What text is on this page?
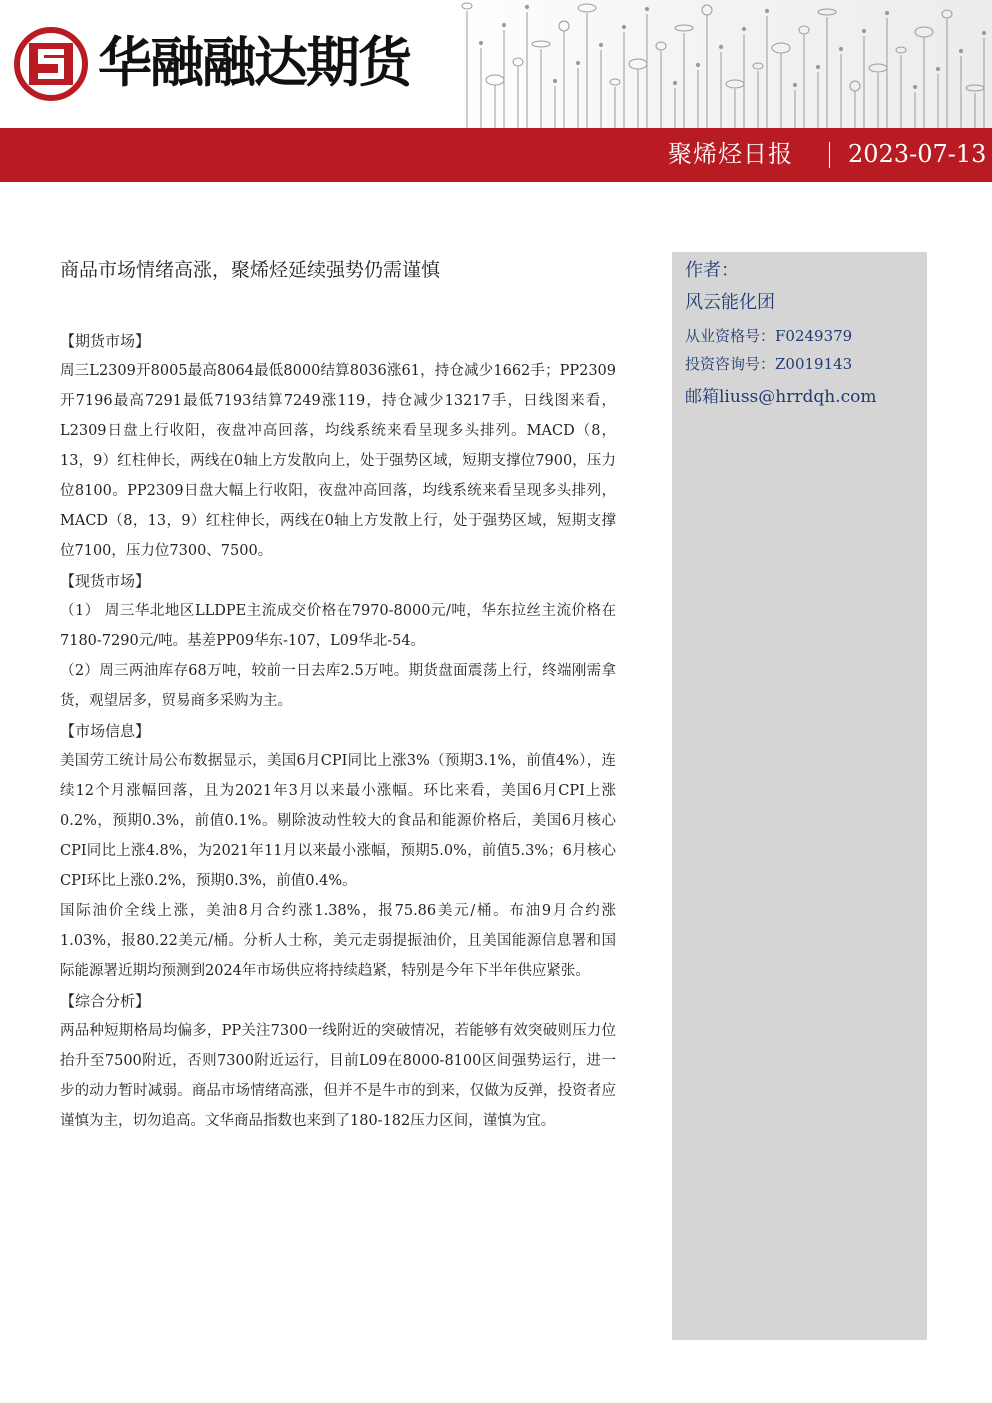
华融融达期货
聚烯烃日报 2023-07-13
商品市场情绪高涨，聚烯烃延续强势仍需谨慎

【期货市场】

周三L2309开8005最高8064最低8000结算8036涨61，持仓减少1662手；PP2309开7196最高7291最低7193结算7249涨119，持仓减少13217手，日线图来看，L2309日盘上行收阳，夜盘冲高回落，均线系统来看呈现多头排列。MACD（8，13，9）红柱伸长，两线在0轴上方发散向上，处于强势区域，短期支撑位7900，压力位8100。PP2309日盘大幅上行收阳，夜盘冲高回落，均线系统来看呈现多头排列，MACD（8，13，9）红柱伸长，两线在0轴上方发散上行，处于强势区域，短期支撑位7100，压力位7300、7500。

【现货市场】

（1） 周三华北地区LLDPE主流成交价格在7970-8000元/吨，华东拉丝主流价格在7180-7290元/吨。基差PP09华东-107，L09华北-54。

（2）周三两油库存68万吨，较前一日去库2.5万吨。期货盘面震荡上行，终端刚需拿货，观望居多，贸易商多采购为主。

【市场信息】

美国劳工统计局公布数据显示，美国6月CPI同比上涨3%（预期3.1%，前值4%），连续12个月涨幅回落，且为2021年3月以来最小涨幅。环比来看，美国6月CPI上涨0.2%，预期0.3%，前值0.1%。剔除波动性较大的食品和能源价格后，美国6月核心CPI同比上涨4.8%，为2021年11月以来最小涨幅，预期5.0%，前值5.3%；6月核心CPI环比上涨0.2%，预期0.3%，前值0.4%。

国际油价全线上涨，美油8月合约涨1.38%，报75.86美元/桶。布油9月合约涨1.03%，报80.22美元/桶。分析人士称，美元走弱提振油价，且美国能源信息署和国际能源署近期均预测到2024年市场供应将持续趋紧，特别是今年下半年供应紧张。

【综合分析】

两品种短期格局均偏多，PP关注7300一线附近的突破情况，若能够有效突破则压力位抬升至7500附近，否则7300附近运行，目前L09在8000-8100区间强势运行，进一步的动力暂时减弱。商品市场情绪高涨，但并不是牛市的到来，仅做为反弹，投资者应谨慎为主，切勿追高。文华商品指数也来到了180-182压力区间，谨慎为宜。

作者：
风云能化团
从业资格号：F0249379
投资咨询号：Z0019143
邮箱liuss@hrrdqh.com
